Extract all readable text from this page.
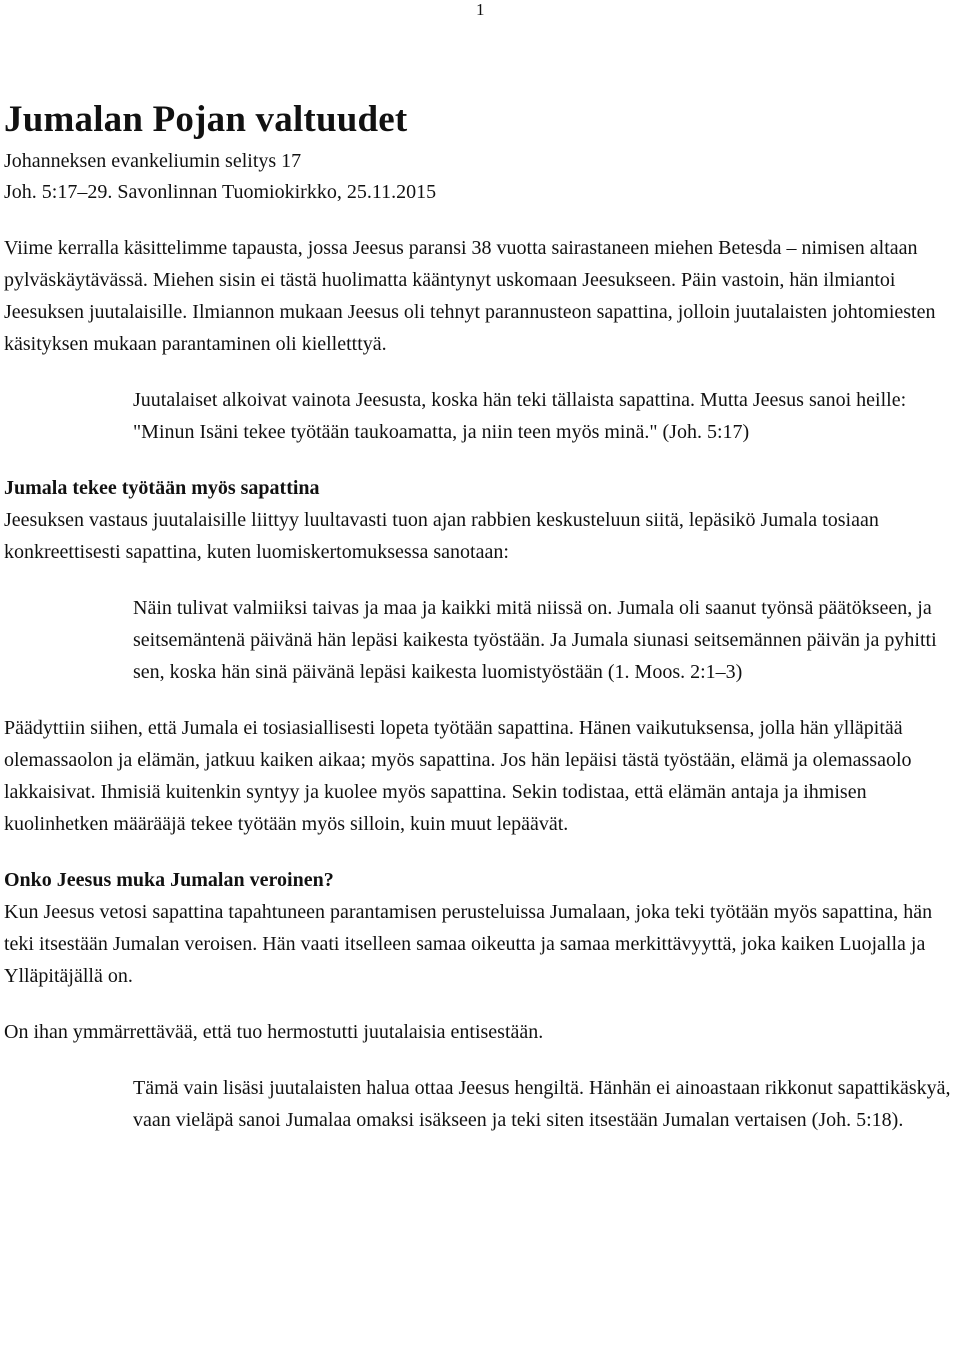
1
Jumalan Pojan valtuudet
Johanneksen evankeliumin selitys 17
Joh. 5:17–29. Savonlinnan Tuomiokirkko, 25.11.2015

Viime kerralla käsittelimme tapausta, jossa Jeesus paransi 38 vuotta sairastaneen miehen Betesda – nimisen altaan pylväskäytävässä. Miehen sisin ei tästä huolimatta kääntynyt uskomaan Jeesukseen. Päin vastoin, hän ilmiantoi Jeesuksen juutalaisille. Ilmiannon mukaan Jeesus oli tehnyt parannusteon sapattina, jolloin juutalaisten johtomiesten käsityksen mukaan parantaminen oli kielletttyä.

Juutalaiset alkoivat vainota Jeesusta, koska hän teki tällaista sapattina. Mutta Jeesus sanoi heille: "Minun Isäni tekee työtään taukoamatta, ja niin teen myös minä." (Joh. 5:17)

Jumala tekee työtään myös sapattina

Jeesuksen vastaus juutalaisille liittyy luultavasti tuon ajan rabbien keskusteluun siitä, lepäsikö Jumala tosiaan konkreettisesti sapattina, kuten luomiskertomuksessa sanotaan:

Näin tulivat valmiiksi taivas ja maa ja kaikki mitä niissä on. Jumala oli saanut työnsä päätökseen, ja seitsemäntenä päivänä hän lepäsi kaikesta työstään. Ja Jumala siunasi seitsemännen päivän ja pyhitti sen, koska hän sinä päivänä lepäsi kaikesta luomistyöstään (1. Moos. 2:1–3)

Päädyttiin siihen, että Jumala ei tosiasiallisesti lopeta työtään sapattina. Hänen vaikutuksensa, jolla hän ylläpitää olemassaolon ja elämän, jatkuu kaiken aikaa; myös sapattina. Jos hän lepäisi tästä työstään, elämä ja olemassaolo lakkaisivat. Ihmisiä kuitenkin syntyy ja kuolee myös sapattina. Sekin todistaa, että elämän antaja ja ihmisen kuolinhetken määrääjä tekee työtään myös silloin, kuin muut lepäävät.

Onko Jeesus muka Jumalan veroinen?

Kun Jeesus vetosi sapattina tapahtuneen parantamisen perusteluissa Jumalaan, joka teki työtään myös sapattina, hän teki itsestään Jumalan veroisen. Hän vaati itselleen samaa oikeutta ja samaa merkittävyyttä, joka kaiken Luojalla ja Ylläpitäjällä on.

On ihan ymmärrettävää, että tuo hermostutti juutalaisia entisestään.

Tämä vain lisäsi juutalaisten halua ottaa Jeesus hengiltä. Hänhän ei ainoastaan rikkonut sapattikäskyä, vaan vieläpä sanoi Jumalaa omaksi isäkseen ja teki siten itsestään Jumalan vertaisen (Joh. 5:18).
